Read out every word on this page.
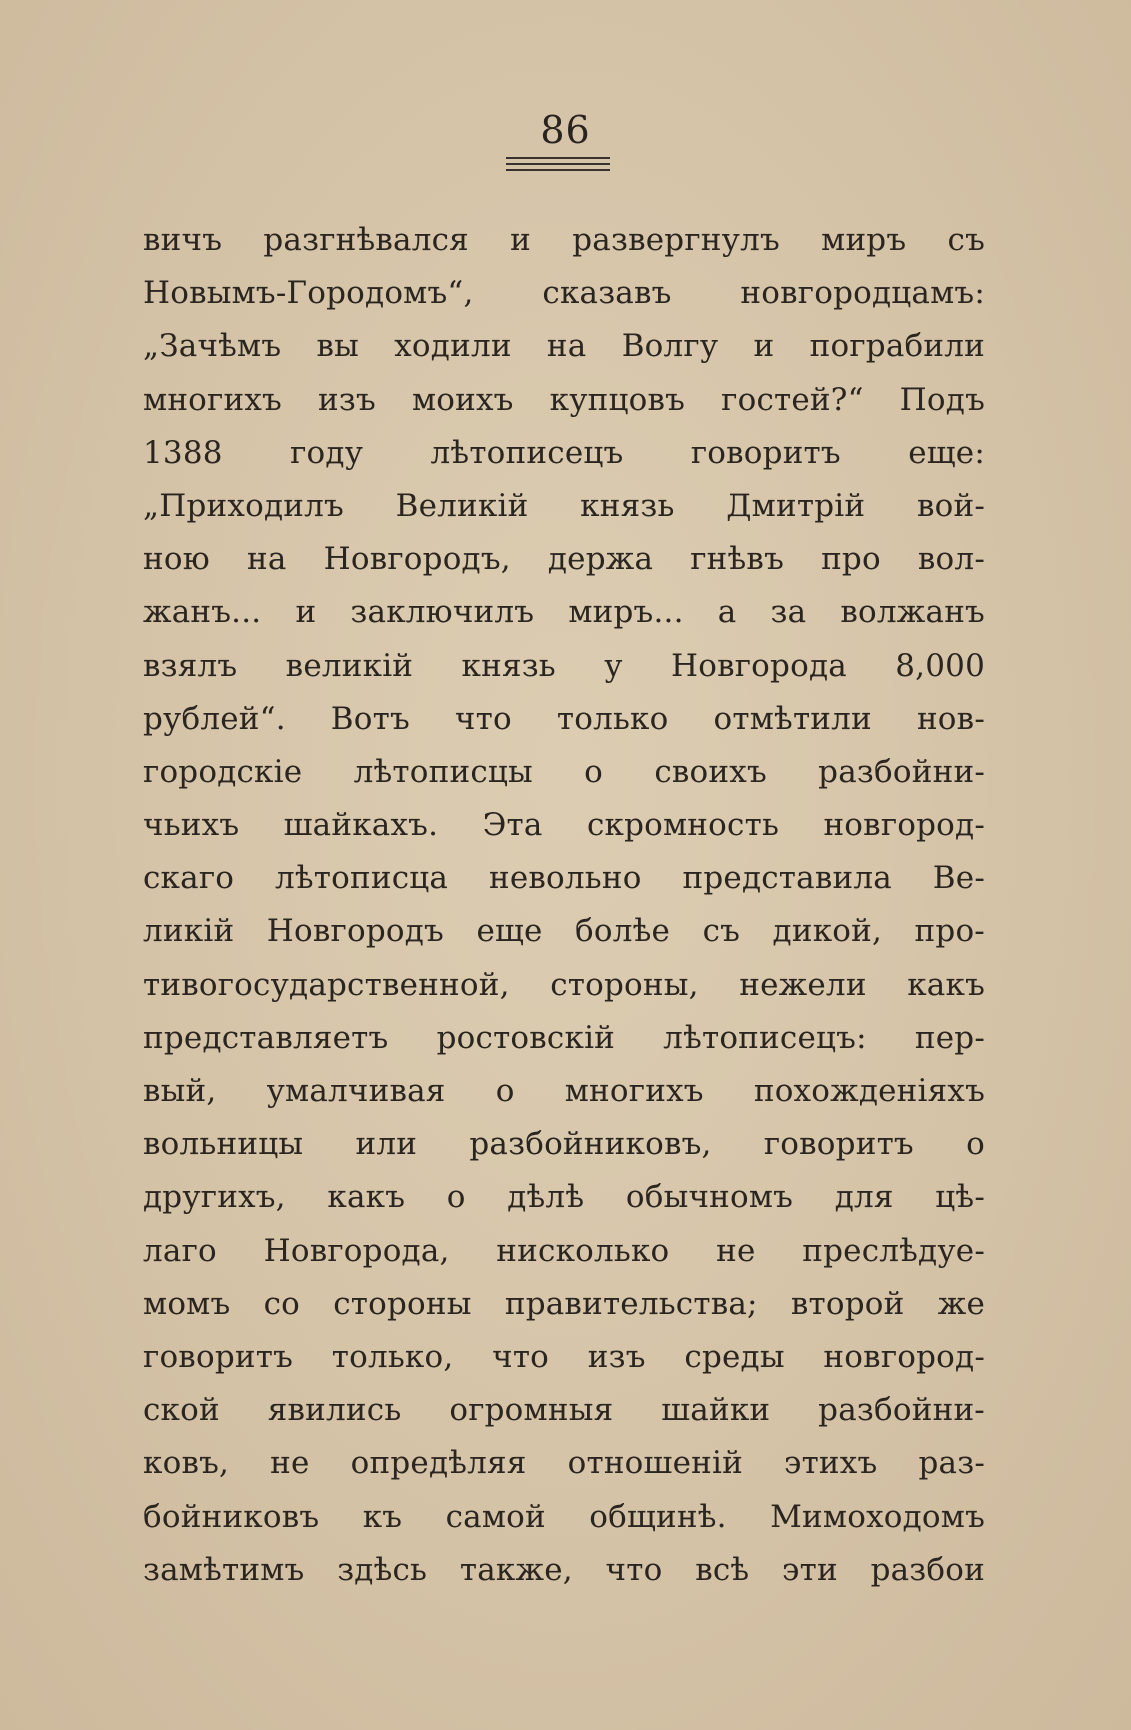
86
вичъ разгнѣвался и развергнулъ миръ съ
Новымъ-Городомъ“, сказавъ новгородцамъ:
„Зачѣмъ вы ходили на Волгу и пограбили
многихъ изъ моихъ купцовъ гостей?“ Подъ
1388 году лѣтописецъ говоритъ еще:
„Приходилъ Великій князь Дмитрій вой-
ною на Новгородъ, держа гнѣвъ про вол-
жанъ... и заключилъ миръ... а за волжанъ
взялъ великій князь у Новгорода 8,000
рублей“. Вотъ что только отмѣтили нов-
городскіе лѣтописцы о своихъ разбойни-
чьихъ шайкахъ. Эта скромность новгород-
скаго лѣтописца невольно представила Ве-
ликій Новгородъ еще болѣе съ дикой, про-
тивогосударственной, стороны, нежели какъ
представляетъ ростовскій лѣтописецъ: пер-
вый, умалчивая о многихъ похожденіяхъ
вольницы или разбойниковъ, говоритъ о
другихъ, какъ о дѣлѣ обычномъ для цѣ-
лаго Новгорода, нисколько не преслѣдуе-
момъ со стороны правительства; второй же
говоритъ только, что изъ среды новгород-
ской явились огромныя шайки разбойни-
ковъ, не опредѣляя отношеній этихъ раз-
бойниковъ къ самой общинѣ. Мимоходомъ
замѣтимъ здѣсь также, что всѣ эти разбои
